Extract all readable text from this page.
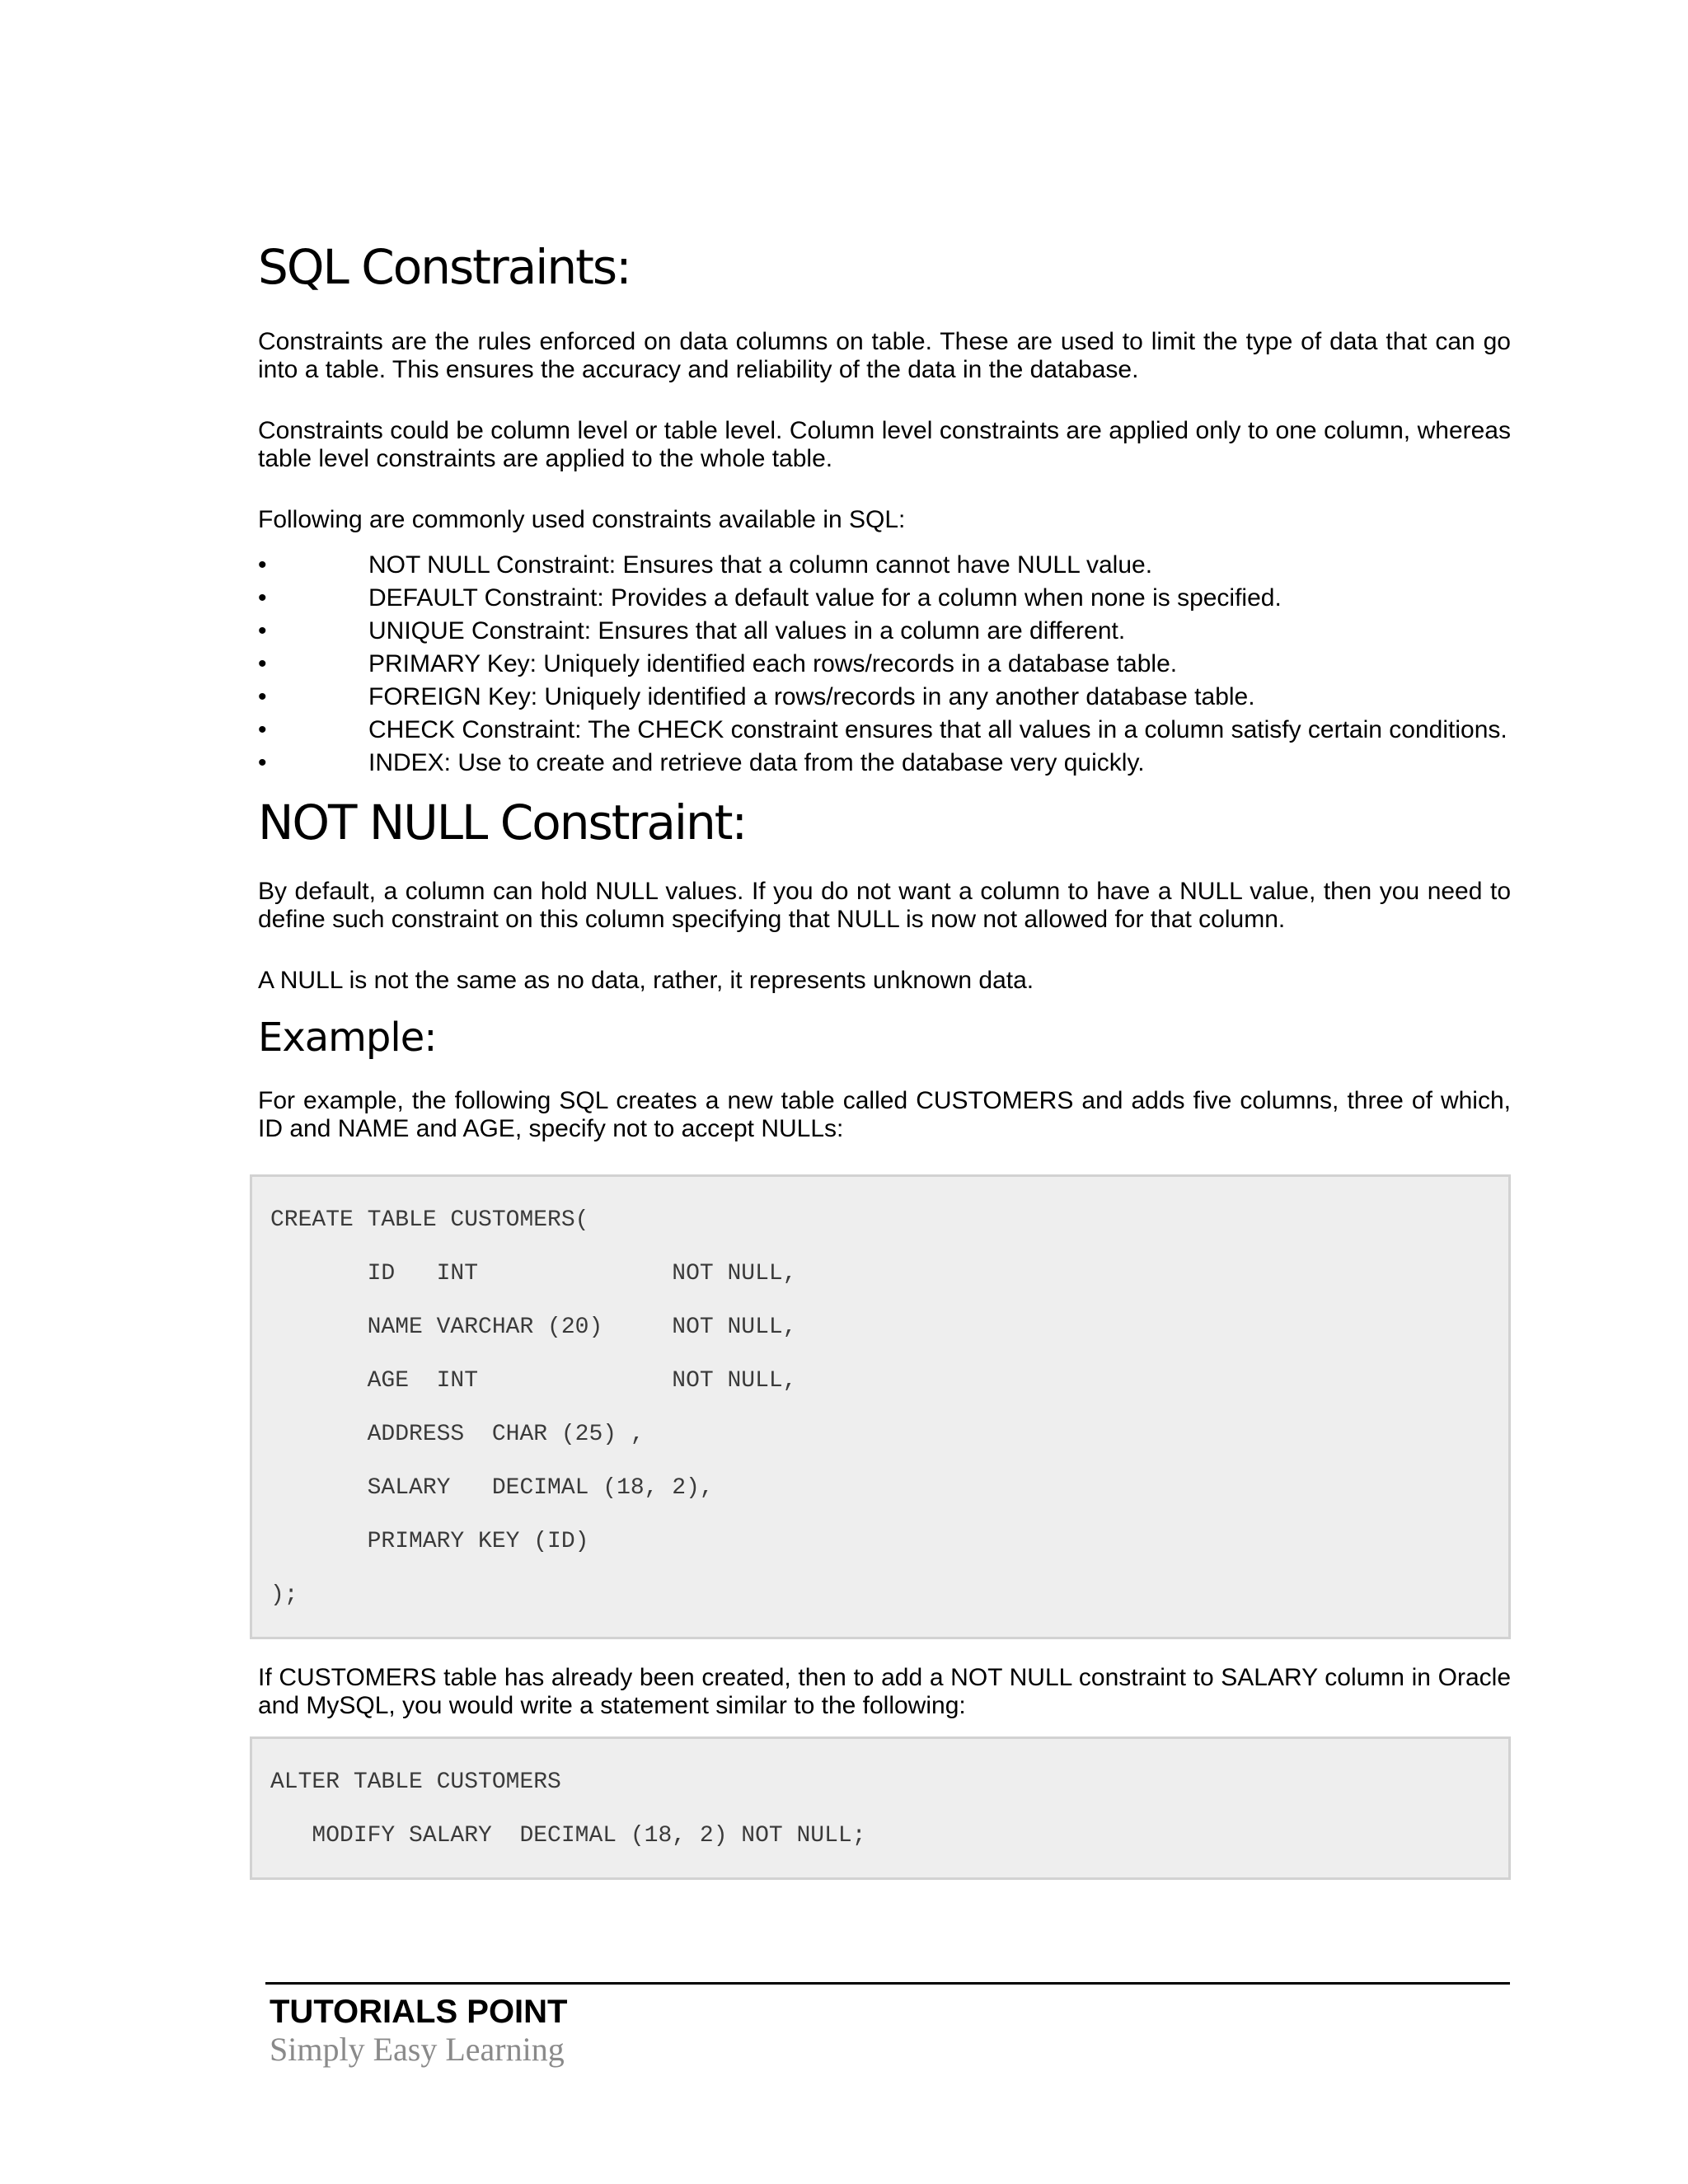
SQL Constraints:

Constraints are the rules enforced on data columns on table. These are used to limit the type of data that can go into a table. This ensures the accuracy and reliability of the data in the database.

Constraints could be column level or table level. Column level constraints are applied only to one column, whereas table level constraints are applied to the whole table.

Following are commonly used constraints available in SQL:

•	NOT NULL Constraint: Ensures that a column cannot have NULL value.
•	DEFAULT Constraint: Provides a default value for a column when none is specified.
•	UNIQUE Constraint: Ensures that all values in a column are different.
•	PRIMARY Key: Uniquely identified each rows/records in a database table.
•	FOREIGN Key: Uniquely identified a rows/records in any another database table.
•	CHECK Constraint: The CHECK constraint ensures that all values in a column satisfy certain conditions.
•	INDEX: Use to create and retrieve data from the database very quickly.
NOT NULL Constraint:

By default, a column can hold NULL values. If you do not want a column to have a NULL value, then you need to define such constraint on this column specifying that NULL is now not allowed for that column.

A NULL is not the same as no data, rather, it represents unknown data.

Example:

For example, the following SQL creates a new table called CUSTOMERS and adds five columns, three of which, ID and NAME and AGE, specify not to accept NULLs:

CREATE TABLE CUSTOMERS(
ID   INT              NOT NULL,
NAME VARCHAR (20)     NOT NULL,
AGE  INT              NOT NULL,
ADDRESS  CHAR (25) ,
SALARY   DECIMAL (18, 2),
PRIMARY KEY (ID)
);

If CUSTOMERS table has already been created, then to add a NOT NULL constraint to SALARY column in Oracle and MySQL, you would write a statement similar to the following:

ALTER TABLE CUSTOMERS
MODIFY SALARY  DECIMAL (18, 2) NOT NULL;
TUTORIALS POINT
Simply Easy Learning
